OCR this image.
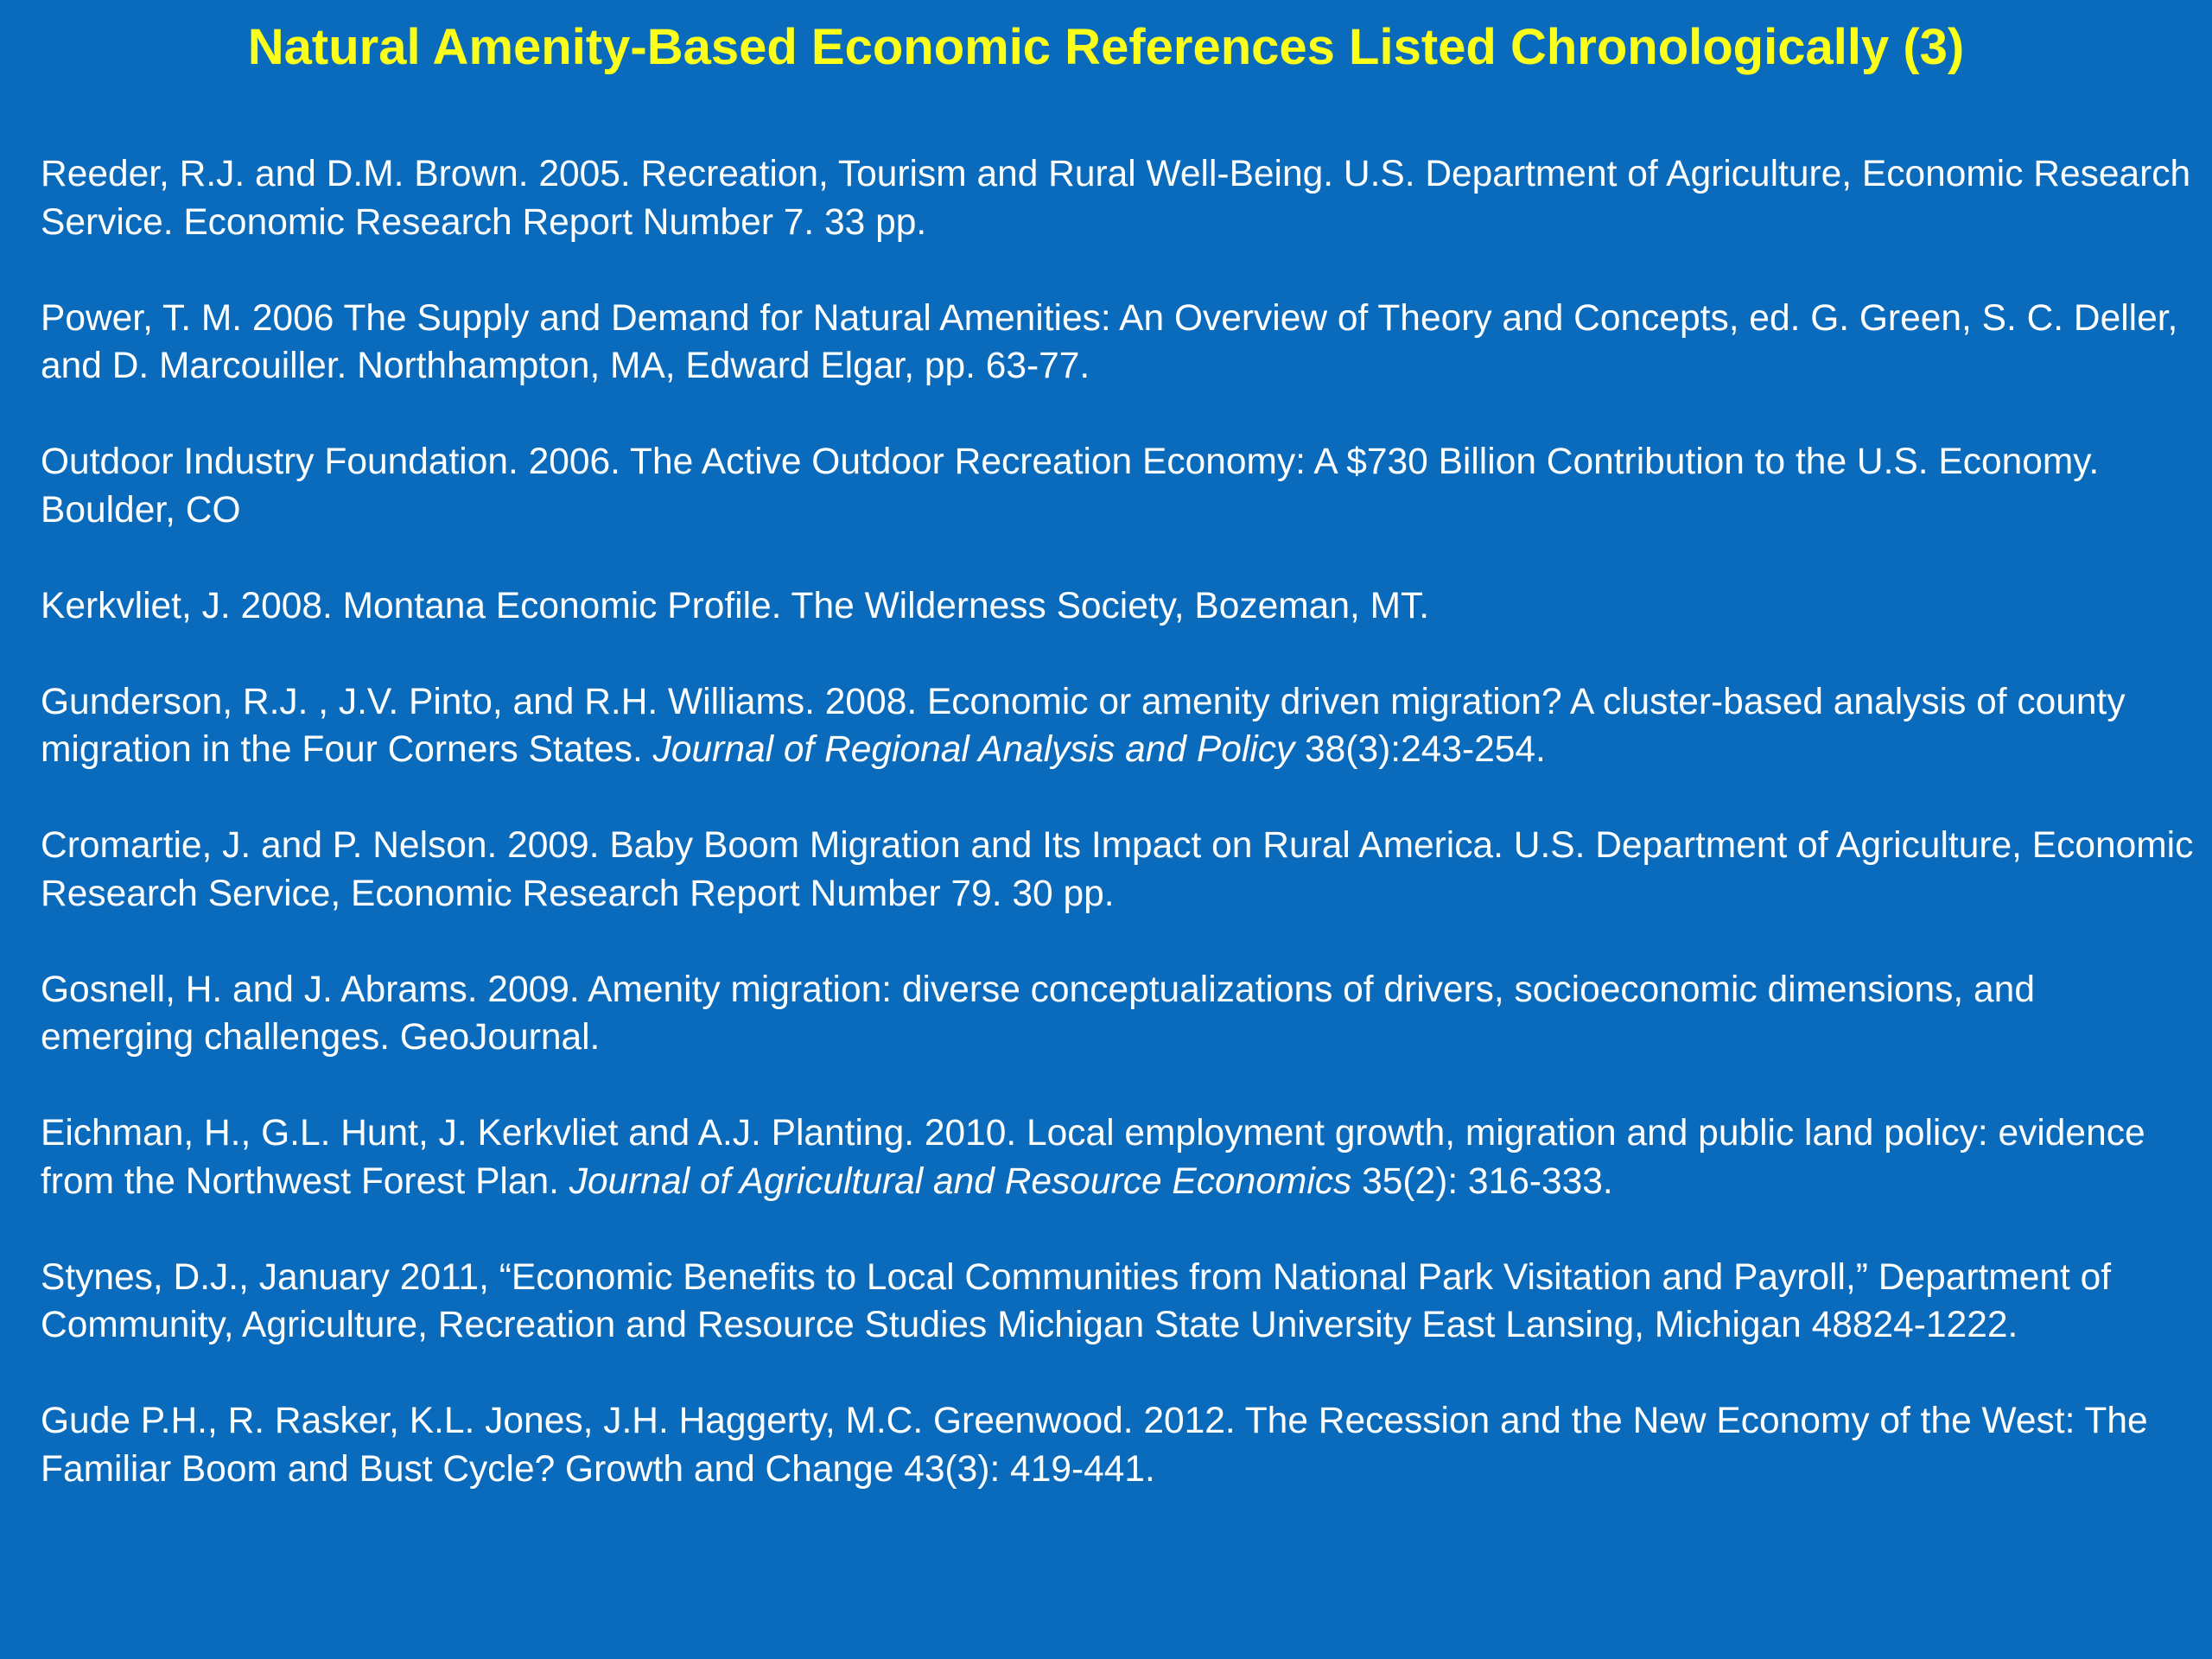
Natural Amenity-Based Economic References Listed Chronologically (3)
Reeder, R.J. and D.M. Brown. 2005. Recreation, Tourism and Rural Well-Being. U.S. Department of Agriculture, Economic Research Service. Economic Research Report Number 7. 33 pp.
Power, T. M. 2006 The Supply and Demand for Natural Amenities: An Overview of Theory and Concepts, ed. G. Green, S. C. Deller, and D. Marcouiller. Northhampton, MA, Edward Elgar, pp. 63-77.
Outdoor Industry Foundation. 2006. The Active Outdoor Recreation Economy: A $730 Billion Contribution to the U.S. Economy. Boulder, CO
Kerkvliet, J. 2008. Montana Economic Profile. The Wilderness Society, Bozeman, MT.
Gunderson, R.J. , J.V. Pinto, and R.H. Williams. 2008. Economic or amenity driven migration? A cluster-based analysis of county migration in the Four Corners States. Journal of Regional Analysis and Policy 38(3):243-254.
Cromartie, J. and P. Nelson. 2009. Baby Boom Migration and Its Impact on Rural America. U.S. Department of Agriculture, Economic Research Service, Economic Research Report Number 79. 30 pp.
Gosnell, H. and J. Abrams. 2009. Amenity migration: diverse conceptualizations of drivers, socioeconomic dimensions, and emerging challenges. GeoJournal.
Eichman, H., G.L. Hunt, J. Kerkvliet and A.J. Planting. 2010. Local employment growth, migration and public land policy: evidence from the Northwest Forest Plan. Journal of Agricultural and Resource Economics 35(2): 316-333.
Stynes, D.J., January 2011, “Economic Benefits to Local Communities from National Park Visitation and Payroll,” Department of Community, Agriculture, Recreation and Resource Studies Michigan State University East Lansing, Michigan 48824-1222.
Gude P.H., R. Rasker, K.L. Jones, J.H. Haggerty, M.C. Greenwood. 2012. The Recession and the New Economy of the West: The Familiar Boom and Bust Cycle? Growth and Change 43(3): 419-441.
